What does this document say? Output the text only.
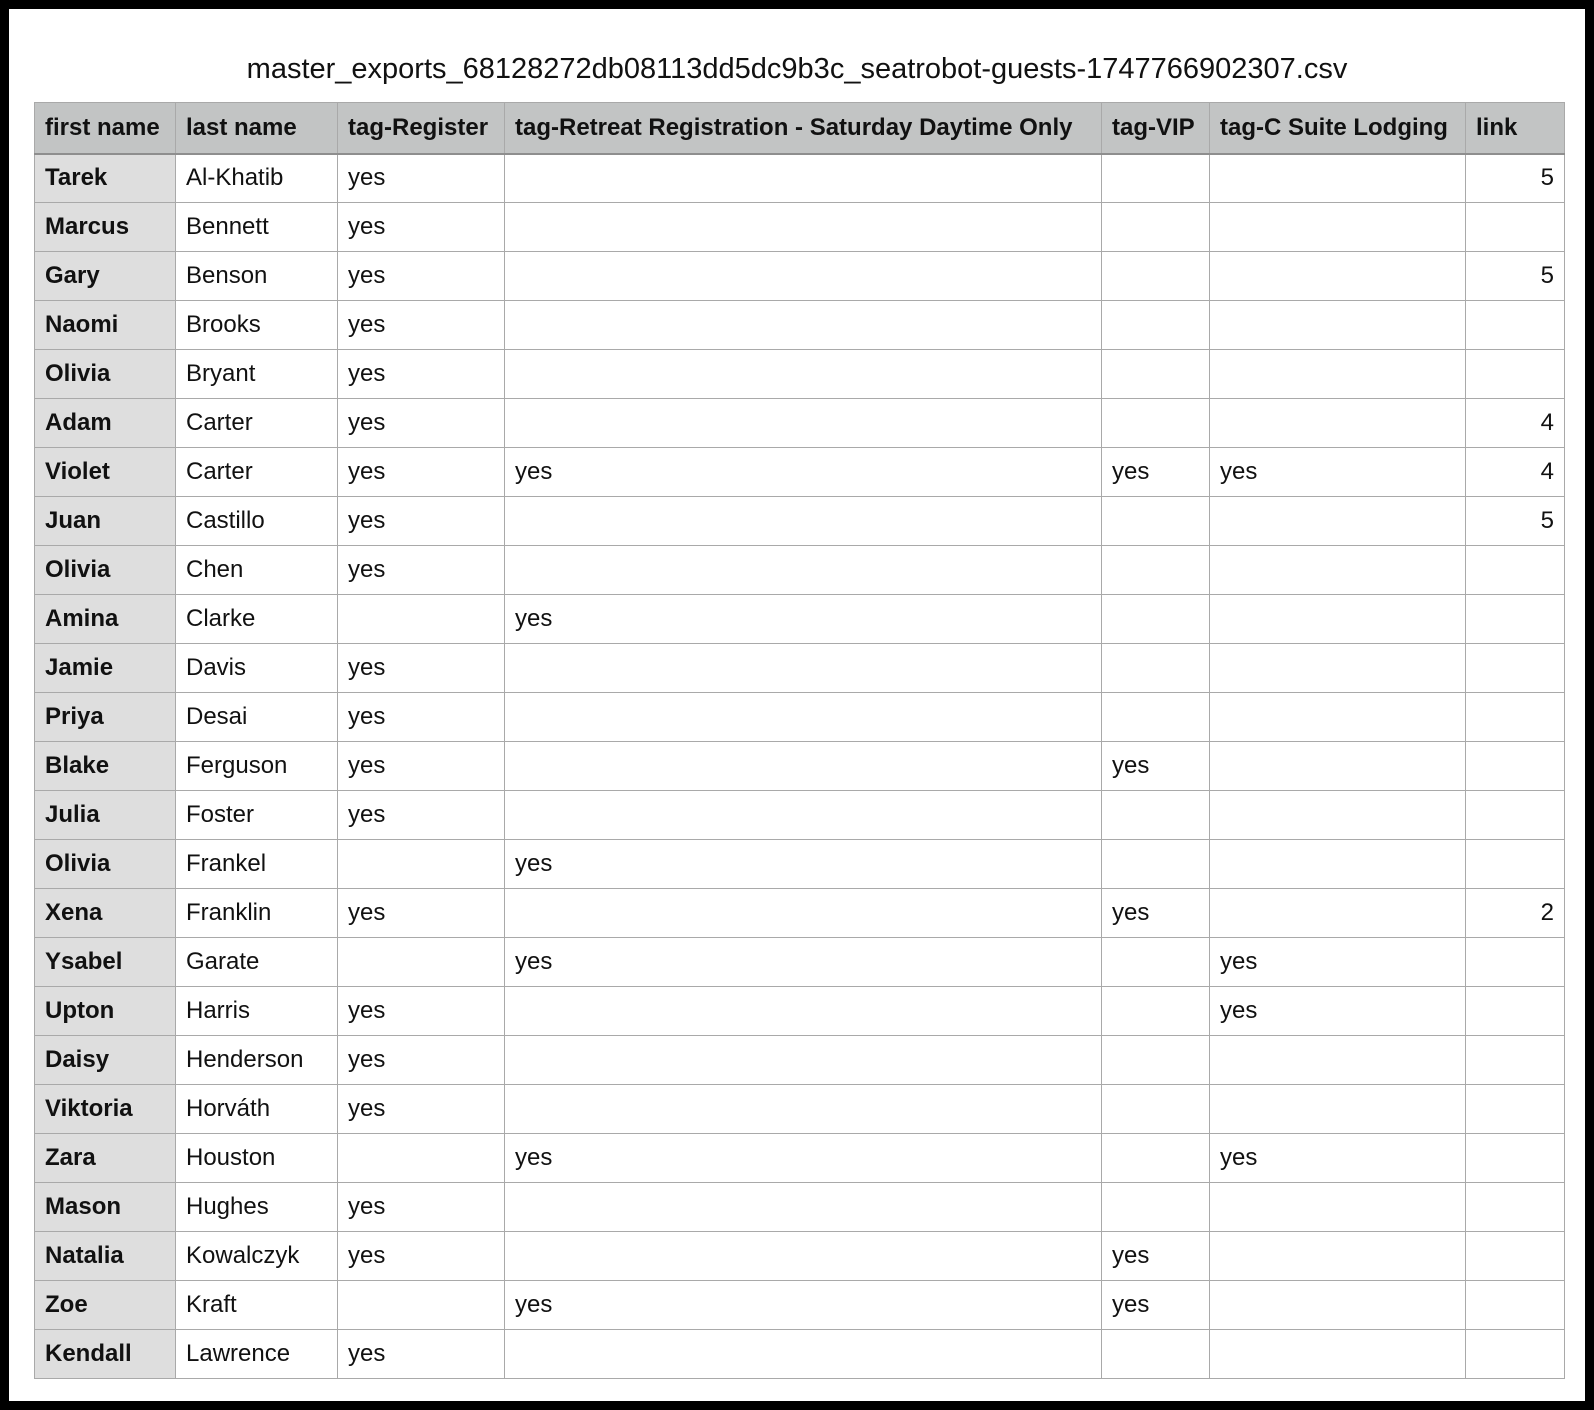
master_exports_68128272db08113dd5dc9b3c_seatrobot-guests-1747766902307.csv
first name	last name	tag-Register	tag-Retreat Registration - Saturday Daytime Only	tag-VIP	tag-C Suite Lodging	link
Tarek	Al-Khatib	yes				5
Marcus	Bennett	yes				
Gary	Benson	yes				5
Naomi	Brooks	yes				
Olivia	Bryant	yes				
Adam	Carter	yes				4
Violet	Carter	yes	yes	yes	yes	4
Juan	Castillo	yes				5
Olivia	Chen	yes				
Amina	Clarke		yes			
Jamie	Davis	yes				
Priya	Desai	yes				
Blake	Ferguson	yes		yes		
Julia	Foster	yes				
Olivia	Frankel		yes			
Xena	Franklin	yes		yes		2
Ysabel	Garate		yes		yes	
Upton	Harris	yes			yes	
Daisy	Henderson	yes				
Viktoria	Horváth	yes				
Zara	Houston		yes		yes	
Mason	Hughes	yes				
Natalia	Kowalczyk	yes		yes		
Zoe	Kraft		yes	yes		
Kendall	Lawrence	yes				
